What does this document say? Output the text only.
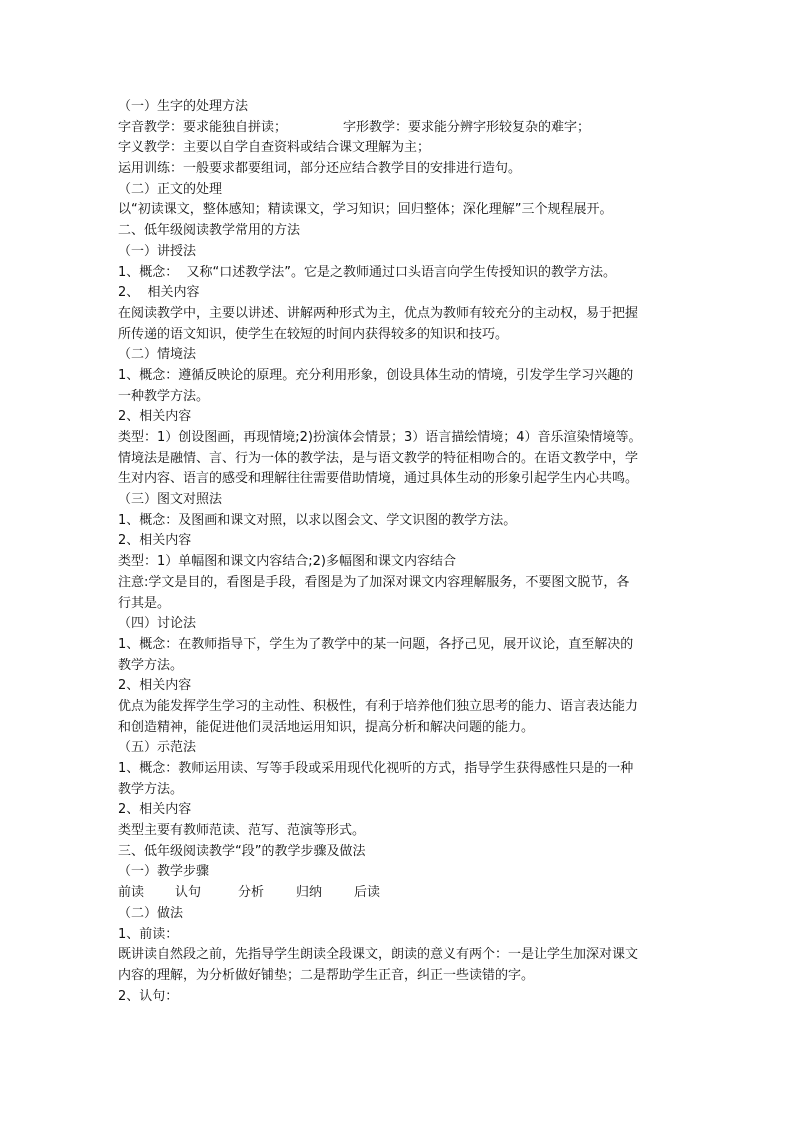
（一）生字的处理方法
字音教学：要求能独自拼读；	字形教学：要求能分辨字形较复杂的难字；
字义教学：主要以自学自查资料或结合课文理解为主；
运用训练：一般要求都要组词，部分还应结合教学目的安排进行造句。
（二）正文的处理
以“初读课文，整体感知；精读课文，学习知识；回归整体；深化理解”三个规程展开。
二、低年级阅读教学常用的方法
（一）讲授法
1、概念：  又称“口述教学法”。它是之教师通过口头语言向学生传授知识的教学方法。
2、  相关内容
在阅读教学中，主要以讲述、讲解两种形式为主，优点为教师有较充分的主动权，易于把握
所传递的语文知识，使学生在较短的时间内获得较多的知识和技巧。
（二）情境法
1、概念：遵循反映论的原理。充分利用形象，创设具体生动的情境，引发学生学习兴趣的
一种教学方法。
2、相关内容
类型：1）创设图画，再现情境;2)扮演体会情景；3）语言描绘情境；4）音乐渲染情境等。
情境法是融情、言、行为一体的教学法，是与语文教学的特征相吻合的。在语文教学中，学
生对内容、语言的感受和理解往往需要借助情境，通过具体生动的形象引起学生内心共鸣。
（三）图文对照法
1、概念：及图画和课文对照，以求以图会文、学文识图的教学方法。
2、相关内容
类型：1）单幅图和课文内容结合;2)多幅图和课文内容结合
注意:学文是目的，看图是手段，看图是为了加深对课文内容理解服务，不要图文脱节，各
行其是。
（四）讨论法
1、概念：在教师指导下，学生为了教学中的某一问题，各抒己见，展开议论，直至解决的
教学方法。
2、相关内容
优点为能发挥学生学习的主动性、积极性，有利于培养他们独立思考的能力、语言表达能力
和创造精神，能促进他们灵活地运用知识，提高分析和解决问题的能力。
（五）示范法
1、概念：教师运用读、写等手段或采用现代化视听的方式，指导学生获得感性只是的一种
教学方法。
2、相关内容
类型主要有教师范读、范写、范演等形式。
三、低年级阅读教学“段”的教学步骤及做法
（一）教学步骤
前读	认句	分析	归纳	后读
（二）做法
1、前读：
既讲读自然段之前，先指导学生朗读全段课文，朗读的意义有两个：一是让学生加深对课文
内容的理解，为分析做好铺垫；二是帮助学生正音，纠正一些读错的字。
2、认句：
